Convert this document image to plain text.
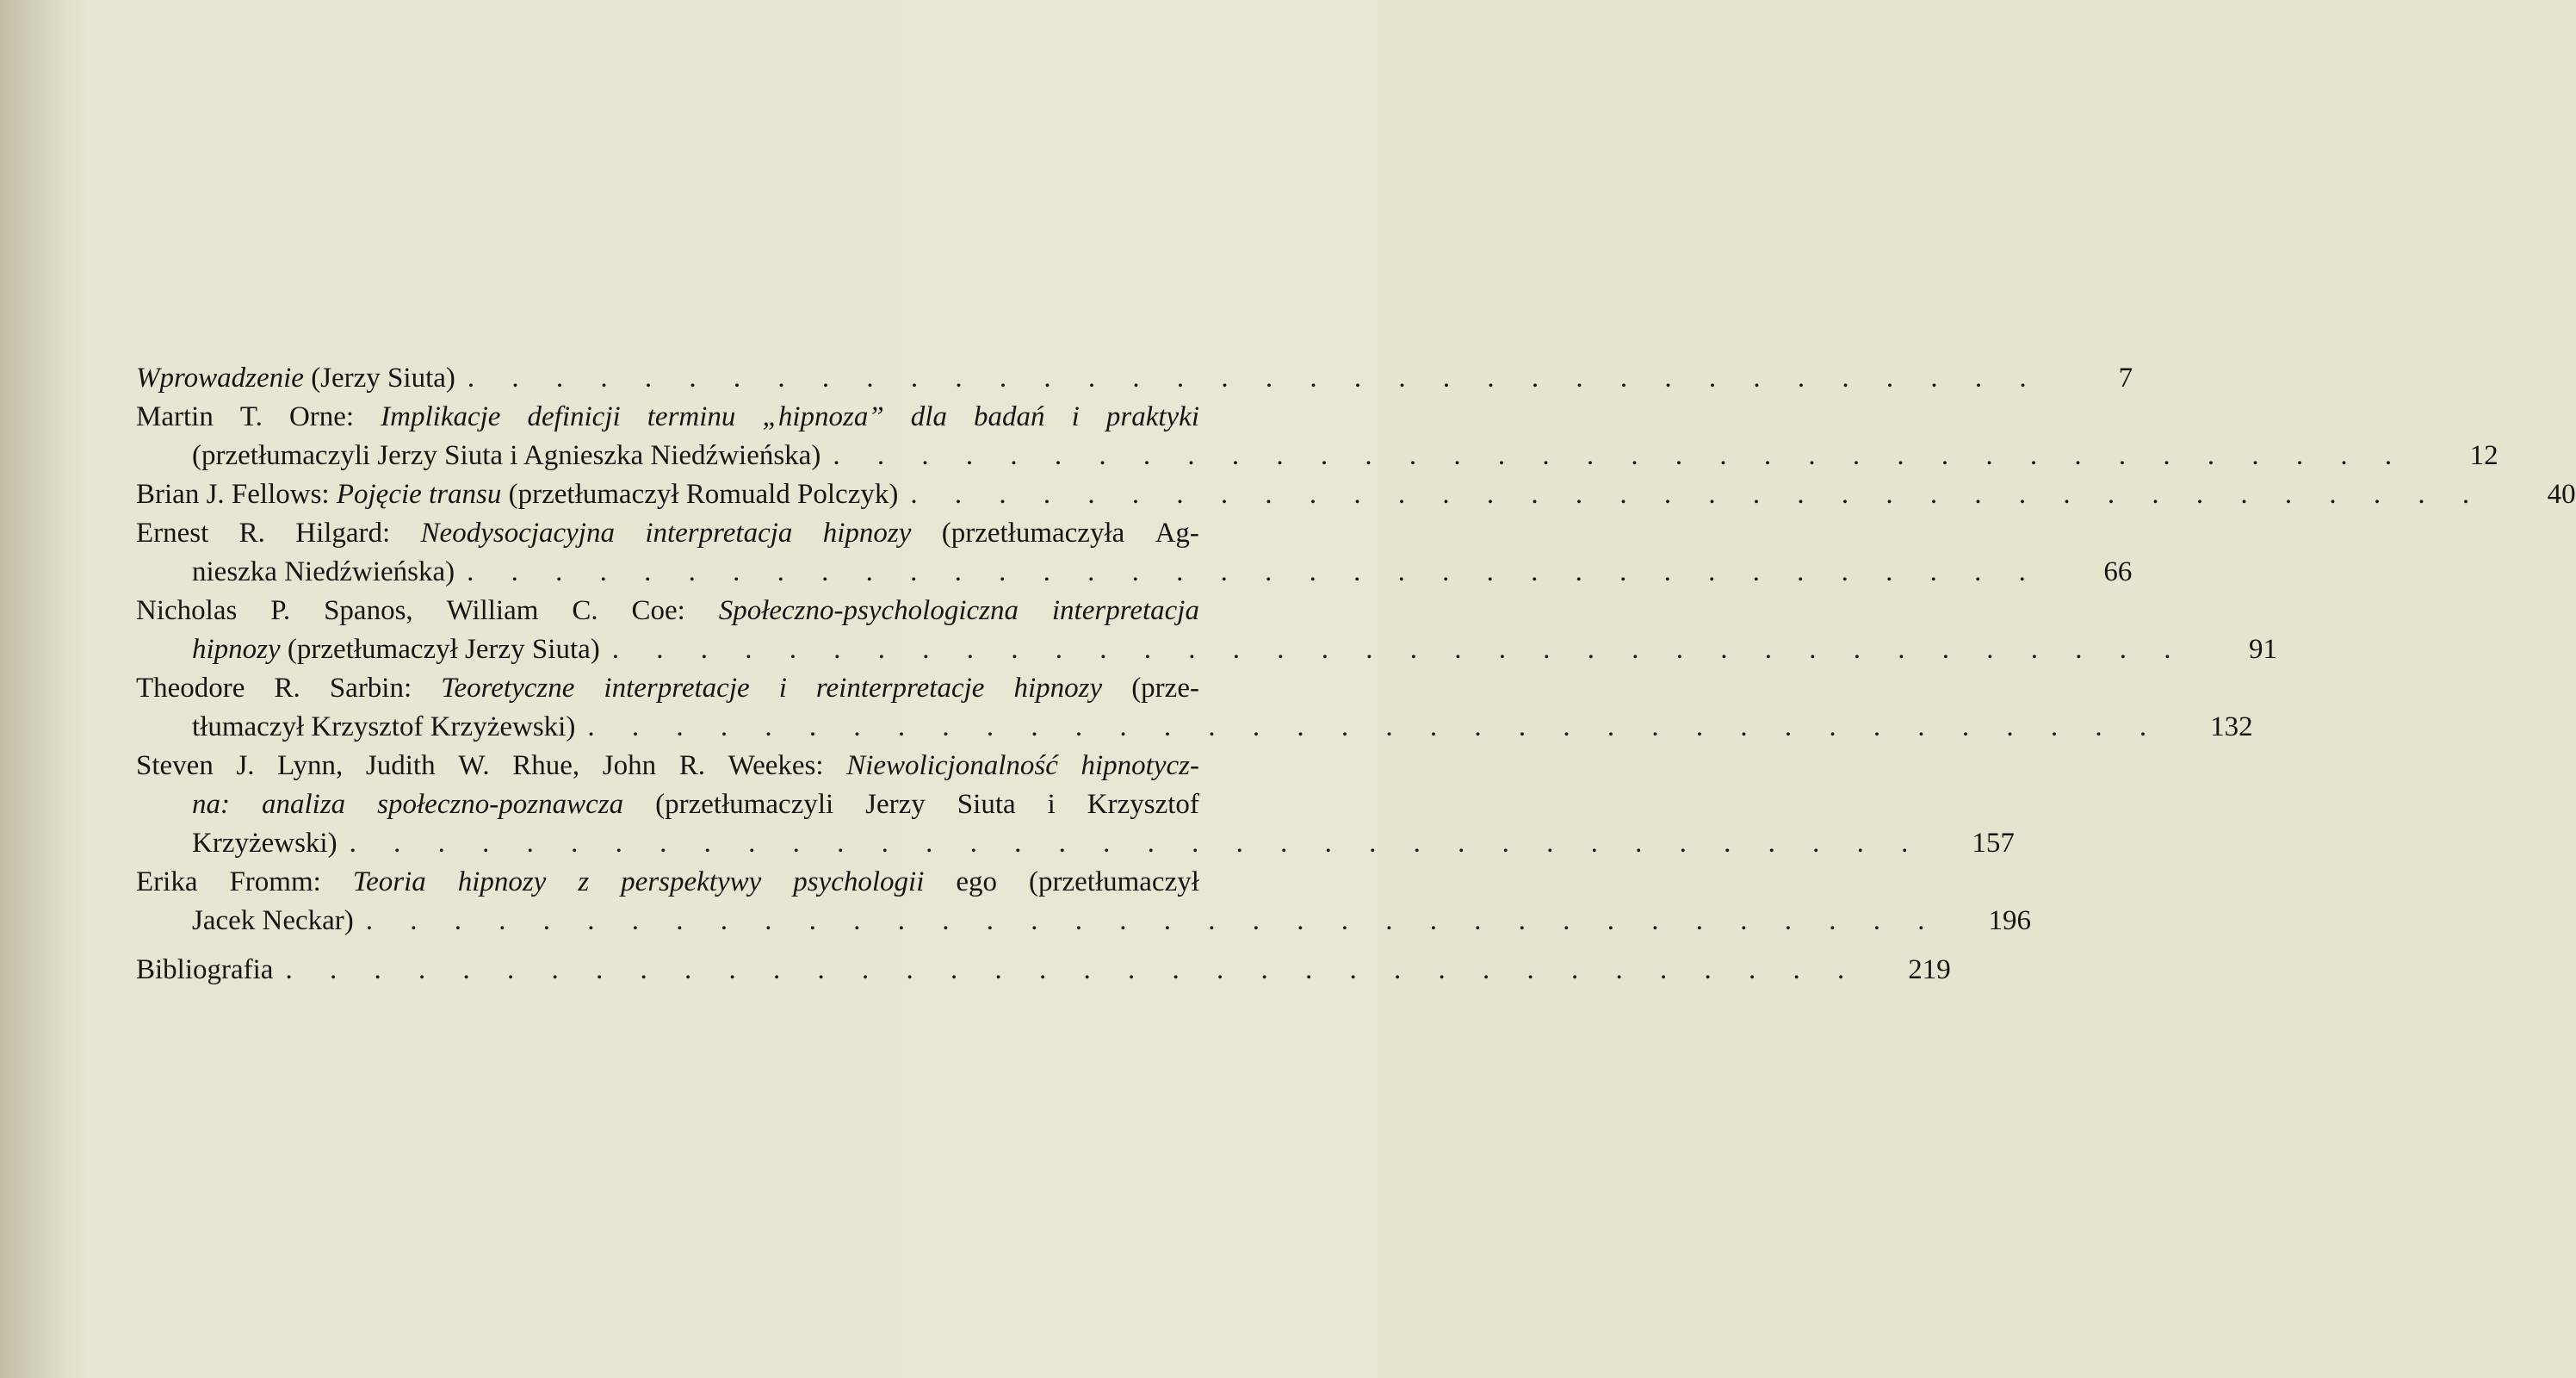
Wprowadzenie (Jerzy Siuta) . . . . . . . . . . . . . . . . . . . . . . . . . . . . . . . . . . . .	7
Martin T. Orne: Implikacje definicji terminu „hipnoza” dla badań i praktyki
(przetłumaczyli Jerzy Siuta i Agnieszka Niedźwieńska) . . . . . . . . . . . . . . . . . . . . . . . . . . . . . . . . . . . .	12
Brian J. Fellows: Pojęcie transu (przetłumaczył Romuald Polczyk) . . . . . . . . . . . . . . . . . . . . . . . . . . . . . . . . . . . .	40
Ernest R. Hilgard: Neodysocjacyjna interpretacja hipnozy (przetłumaczyła Ag-
nieszka Niedźwieńska) . . . . . . . . . . . . . . . . . . . . . . . . . . . . . . . . . . . .	66
Nicholas P. Spanos, William C. Coe: Społeczno-psychologiczna interpretacja
hipnozy (przetłumaczył Jerzy Siuta) . . . . . . . . . . . . . . . . . . . . . . . . . . . . . . . . . . . .	91
Theodore R. Sarbin: Teoretyczne interpretacje i reinterpretacje hipnozy (prze-
tłumaczył Krzysztof Krzyżewski) . . . . . . . . . . . . . . . . . . . . . . . . . . . . . . . . . . . .	132
Steven J. Lynn, Judith W. Rhue, John R. Weekes: Niewolicjonalność hipnotycz-
na: analiza społeczno-poznawcza (przetłumaczyli Jerzy Siuta i Krzysztof
Krzyżewski) . . . . . . . . . . . . . . . . . . . . . . . . . . . . . . . . . . . .	157
Erika Fromm: Teoria hipnozy z perspektywy psychologii ego (przetłumaczył
Jacek Neckar) . . . . . . . . . . . . . . . . . . . . . . . . . . . . . . . . . . . .	196
Bibliografia . . . . . . . . . . . . . . . . . . . . . . . . . . . . . . . . . . . .	219
